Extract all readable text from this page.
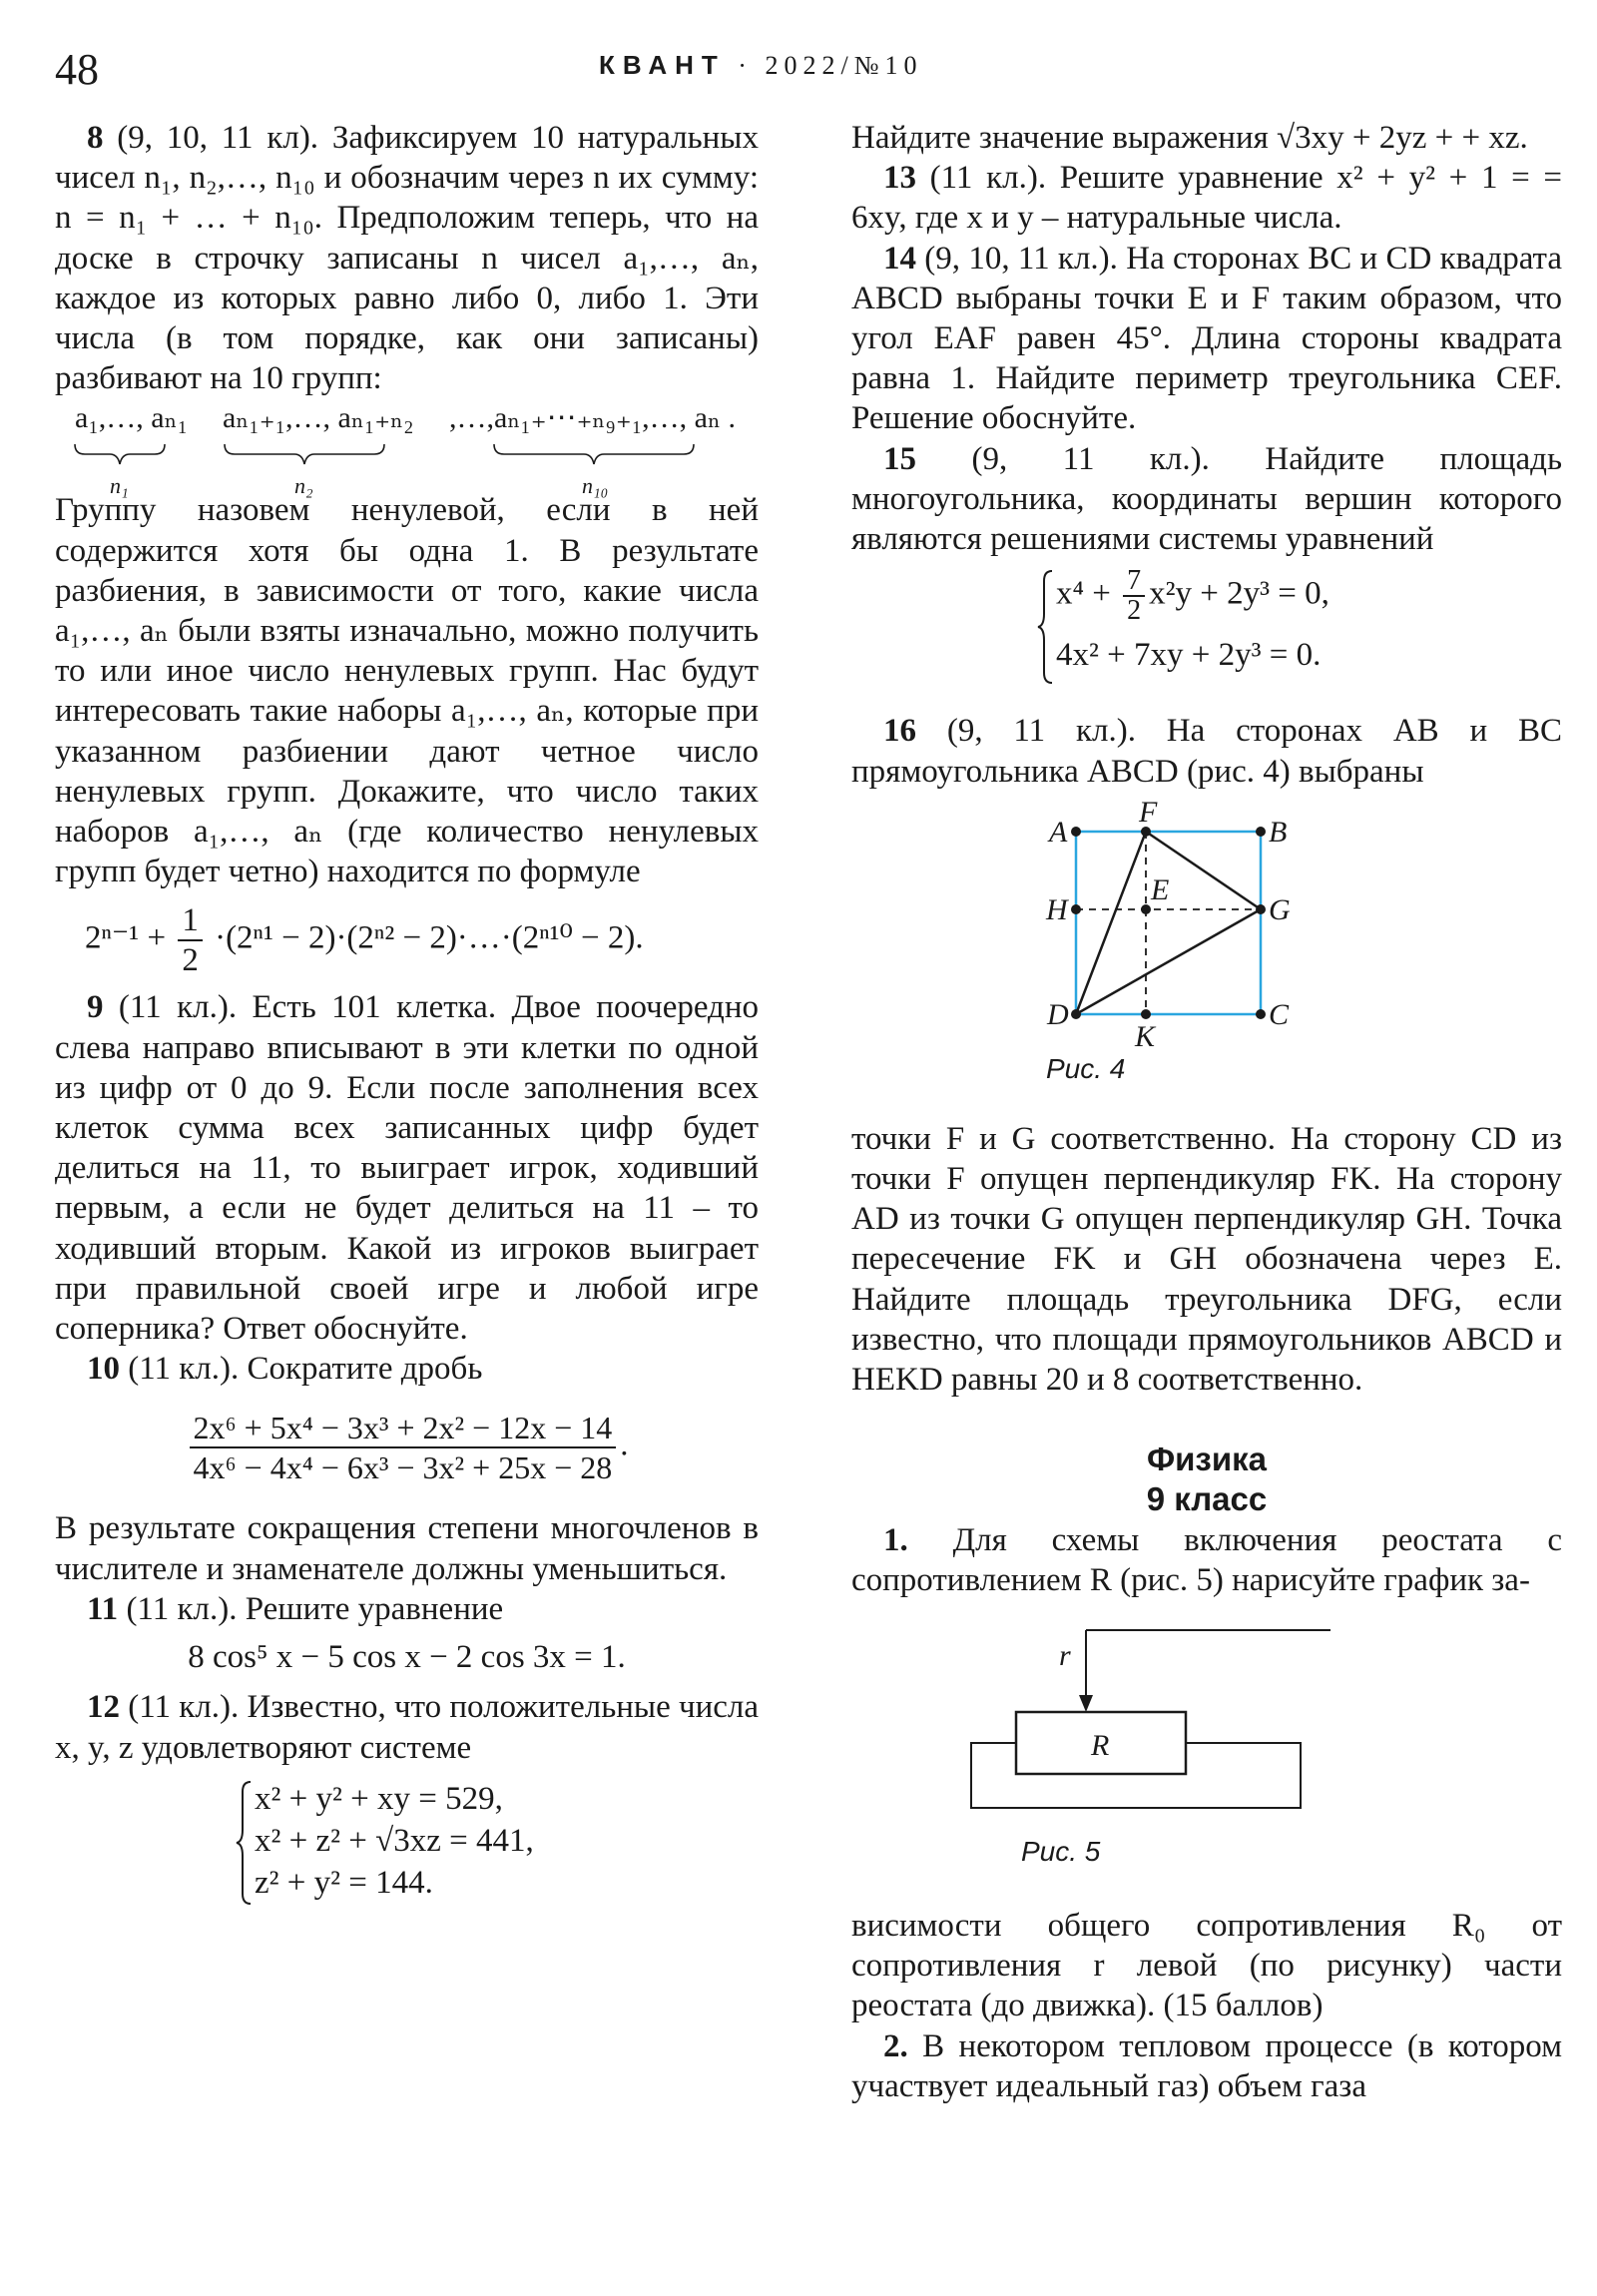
48	КВАНТ · 2022/№10

8 (9, 10, 11 кл). Зафиксируем 10 натуральных чисел n₁, n₂,…, n₁₀ и обозначим через n их сумму: n = n₁ + … + n₁₀. Предположим теперь, что на доске в строчку записаны n чисел a₁,…, aₙ, каждое из которых равно либо 0, либо 1. Эти числа (в том порядке, как они записаны) разбивают на 10 групп:

a₁,…, aₙ₁ aₙ₁₊₁,…, aₙ₁₊ₙ₂ ,…, aₙ₁₊⋯₊ₙ₉₊₁,…, aₙ .
n₁	n₂	n₁₀

Группу назовем ненулевой, если в ней содержится хотя бы одна 1. В результате разбиения, в зависимости от того, какие числа a₁,…, aₙ были взяты изначально, можно получить то или иное число ненулевых групп. Нас будут интересовать такие наборы a₁,…, aₙ, которые при указанном разбиении дают четное число ненулевых групп. Докажите, что число таких наборов a₁,…, aₙ (где количество ненулевых групп будет четно) находится по формуле

$2^{n-1} + \frac{1}{2} \cdot(2^{n1} - 2)\cdot(2^{n2}$ − 2)·…·(2ⁿ¹⁰ − 2).

9 (11 кл.). Есть 101 клетка. Двое поочередно слева направо вписывают в эти клетки по одной из цифр от 0 до 9. Если после заполнения всех клеток сумма всех записанных цифр будет делиться на 11, то выиграет игрок, ходивший первым, а если не будет делиться на 11 – то ходивший вторым. Какой из игроков выиграет при правильной своей игре и любой игре соперника? Ответ обоснуйте.

10 (11 кл.). Сократите дробь

$\frac{\text{2x⁶ + 5x⁴ − 3x³ + 2x² − 12x − 14}}{\text{4x⁶ − 4x⁴ − 6x³ − 3x² + 25x − 28}}$ .

В результате сокращения степени многочленов в числителе и знаменателе должны уменьшиться.

11 (11 кл.). Решите уравнение

8 cos⁵ x − 5 cos x − 2 cos 3x = 1.

12 (11 кл.). Известно, что положительные числа x, y, z удовлетворяют системе

x² + y² + xy = 529,
x² + z² + √3xz = 441,
z² + y² = 144.

Найдите значение выражения √3xy + 2yz + + xz.

13 (11 кл.). Решите уравнение x² + y² + 1 = = 6xy, где x и y – натуральные числа.

14 (9, 10, 11 кл.). На сторонах BC и CD квадрата ABCD выбраны точки E и F таким образом, что угол EAF равен 45°. Длина стороны квадрата равна 1. Найдите периметр треугольника CEF. Решение обоснуйте.

15 (9, 11 кл.). Найдите площадь многоугольника, координаты вершин которого являются решениями системы уравнений

$x^4 + \frac{7}{2} x^2y + 2y^3 = 0$,
4x² + 7xy + 2y³ = 0.

16 (9, 11 кл.). На сторонах AB и BC прямоугольника ABCD (рис. 4) выбраны

A	B
C
D
F
G
H
E
K
Рис. 4

точки F и G соответственно. На сторону CD из точки F опущен перпендикуляр FK. На сторону AD из точки G опущен перпендикуляр GH. Точка пересечение FK и GH обозначена через E. Найдите площадь треугольника DFG, если известно, что площади прямоугольников ABCD и HEKD равны 20 и 8 соответственно.

Физика
9 класс

1. Для схемы включения реостата с сопротивлением R (рис. 5) нарисуйте график за-

r
R
Рис. 5

висимости общего сопротивления R₀ от сопротивления r левой (по рисунку) части реостата (до движка). (15 баллов)

2. В некотором тепловом процессе (в котором участвует идеальный газ) объем газа
